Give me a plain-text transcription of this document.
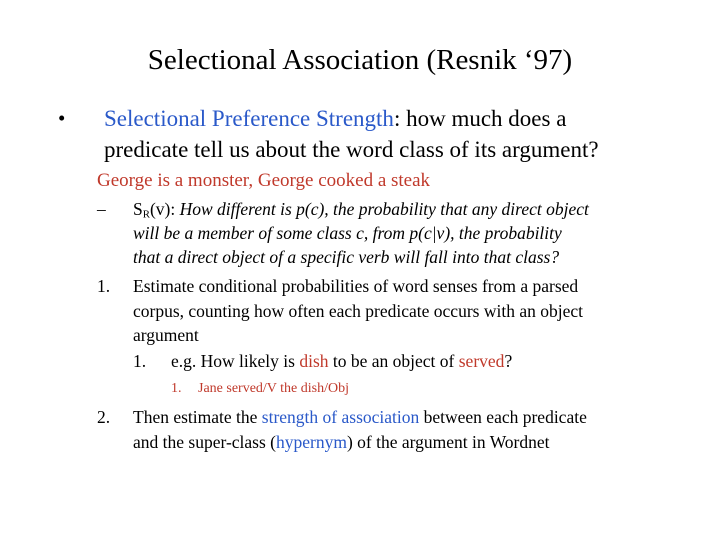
Selectional Association (Resnik ‘97)
• Selectional Preference Strength: how much does a
predicate tell us about the word class of its argument?
George is a monster, George cooked a steak
– $S_R(v)$: How different is p(c), the probability that any direct object
will be a member of some class c, from p(c|v), the probability
that a direct object of a specific verb will fall into that class?
1. Estimate conditional probabilities of word senses from a parsed
corpus, counting how often each predicate occurs with an object
argument
1. e.g. How likely is dish to be an object of served?
1. Jane served/V the dish/Obj
2. Then estimate the strength of association between each predicate
and the super-class (hypernym) of the argument in Wordnet
